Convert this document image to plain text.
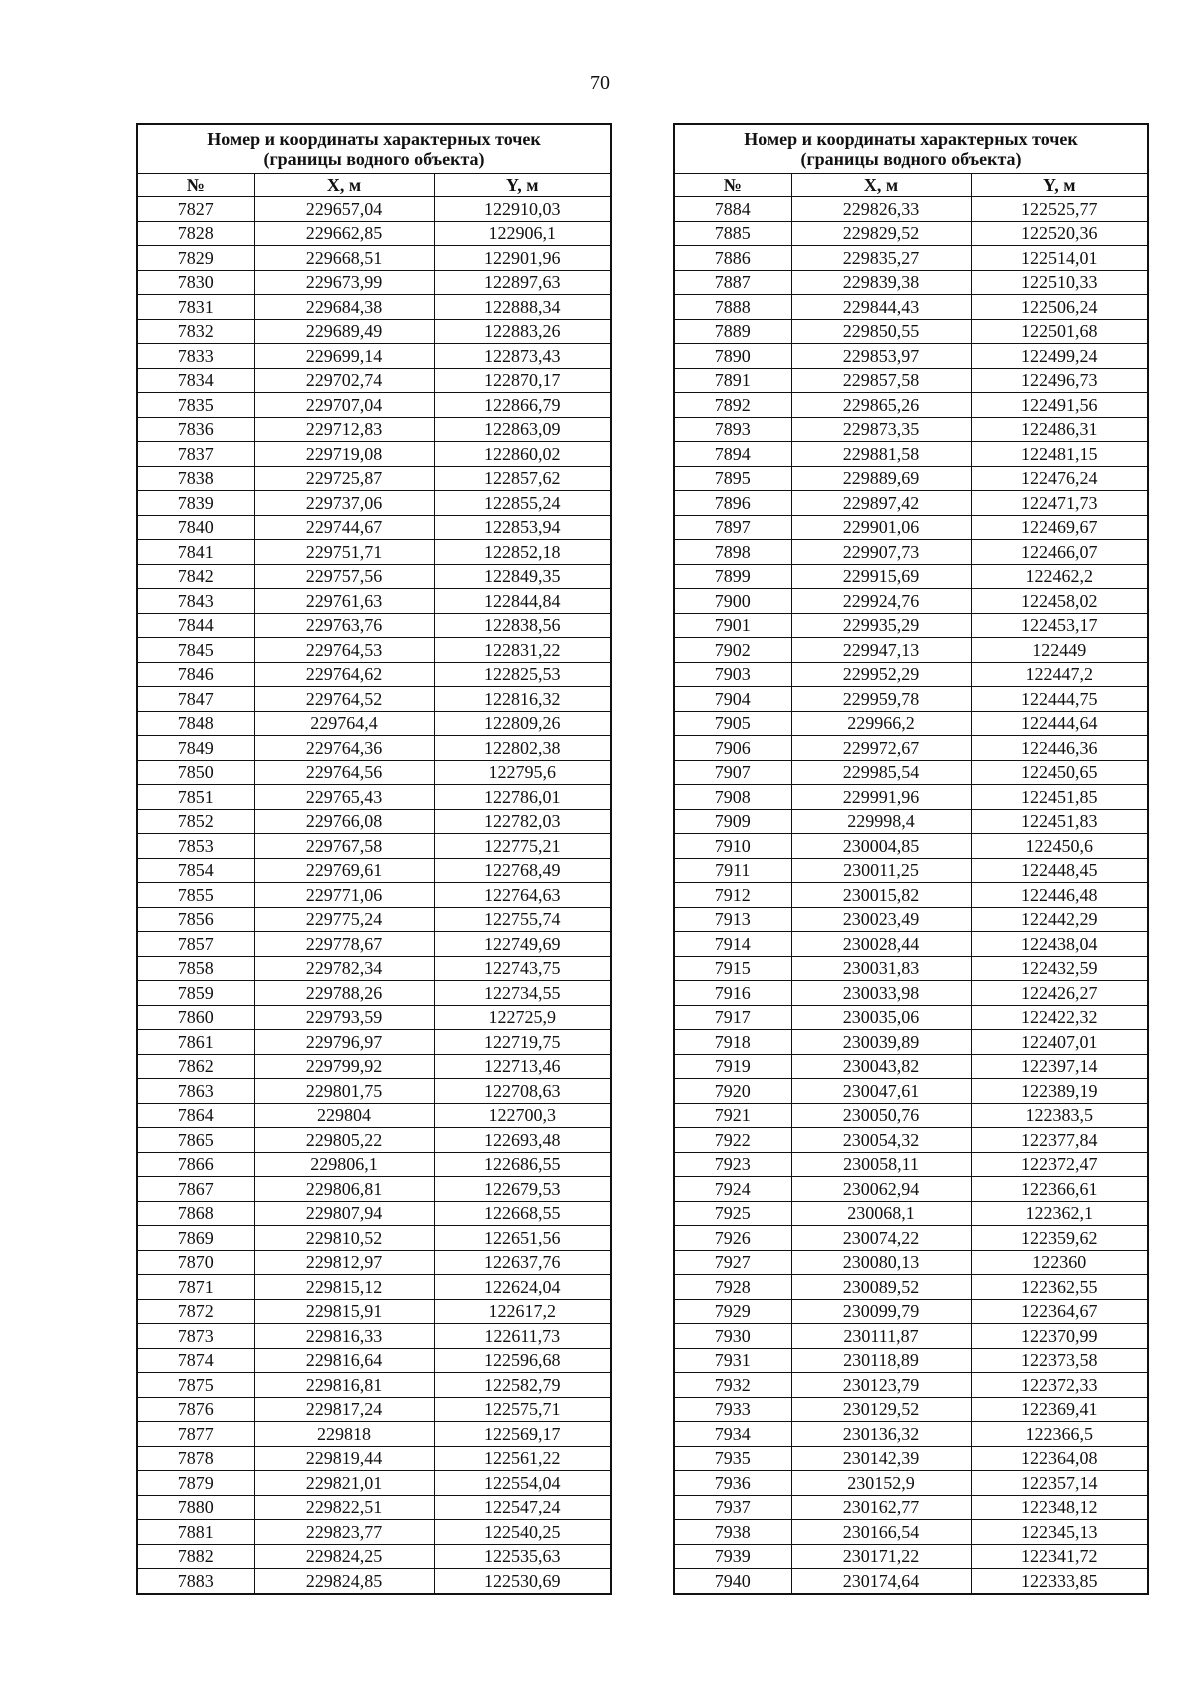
70
Номер и координаты характерных точек
(границы водного объекта)		

№	X, м	Y, м
7827	229657,04	122910,03
7828	229662,85	122906,1
7829	229668,51	122901,96
7830	229673,99	122897,63
7831	229684,38	122888,34
7832	229689,49	122883,26
7833	229699,14	122873,43
7834	229702,74	122870,17
7835	229707,04	122866,79
7836	229712,83	122863,09
7837	229719,08	122860,02
7838	229725,87	122857,62
7839	229737,06	122855,24
7840	229744,67	122853,94
7841	229751,71	122852,18
7842	229757,56	122849,35
7843	229761,63	122844,84
7844	229763,76	122838,56
7845	229764,53	122831,22
7846	229764,62	122825,53
7847	229764,52	122816,32
7848	229764,4	122809,26
7849	229764,36	122802,38
7850	229764,56	122795,6
7851	229765,43	122786,01
7852	229766,08	122782,03
7853	229767,58	122775,21
7854	229769,61	122768,49
7855	229771,06	122764,63
7856	229775,24	122755,74
7857	229778,67	122749,69
7858	229782,34	122743,75
7859	229788,26	122734,55
7860	229793,59	122725,9
7861	229796,97	122719,75
7862	229799,92	122713,46
7863	229801,75	122708,63
7864	229804	122700,3
7865	229805,22	122693,48
7866	229806,1	122686,55
7867	229806,81	122679,53
7868	229807,94	122668,55
7869	229810,52	122651,56
7870	229812,97	122637,76
7871	229815,12	122624,04
7872	229815,91	122617,2
7873	229816,33	122611,73
7874	229816,64	122596,68
7875	229816,81	122582,79
7876	229817,24	122575,71
7877	229818	122569,17
7878	229819,44	122561,22
7879	229821,01	122554,04
7880	229822,51	122547,24
7881	229823,77	122540,25
7882	229824,25	122535,63
7883	229824,85	122530,69
Номер и координаты характерных точек
(границы водного объекта)		

№	X, м	Y, м
7884	229826,33	122525,77
7885	229829,52	122520,36
7886	229835,27	122514,01
7887	229839,38	122510,33
7888	229844,43	122506,24
7889	229850,55	122501,68
7890	229853,97	122499,24
7891	229857,58	122496,73
7892	229865,26	122491,56
7893	229873,35	122486,31
7894	229881,58	122481,15
7895	229889,69	122476,24
7896	229897,42	122471,73
7897	229901,06	122469,67
7898	229907,73	122466,07
7899	229915,69	122462,2
7900	229924,76	122458,02
7901	229935,29	122453,17
7902	229947,13	122449
7903	229952,29	122447,2
7904	229959,78	122444,75
7905	229966,2	122444,64
7906	229972,67	122446,36
7907	229985,54	122450,65
7908	229991,96	122451,85
7909	229998,4	122451,83
7910	230004,85	122450,6
7911	230011,25	122448,45
7912	230015,82	122446,48
7913	230023,49	122442,29
7914	230028,44	122438,04
7915	230031,83	122432,59
7916	230033,98	122426,27
7917	230035,06	122422,32
7918	230039,89	122407,01
7919	230043,82	122397,14
7920	230047,61	122389,19
7921	230050,76	122383,5
7922	230054,32	122377,84
7923	230058,11	122372,47
7924	230062,94	122366,61
7925	230068,1	122362,1
7926	230074,22	122359,62
7927	230080,13	122360
7928	230089,52	122362,55
7929	230099,79	122364,67
7930	230111,87	122370,99
7931	230118,89	122373,58
7932	230123,79	122372,33
7933	230129,52	122369,41
7934	230136,32	122366,5
7935	230142,39	122364,08
7936	230152,9	122357,14
7937	230162,77	122348,12
7938	230166,54	122345,13
7939	230171,22	122341,72
7940	230174,64	122333,85
